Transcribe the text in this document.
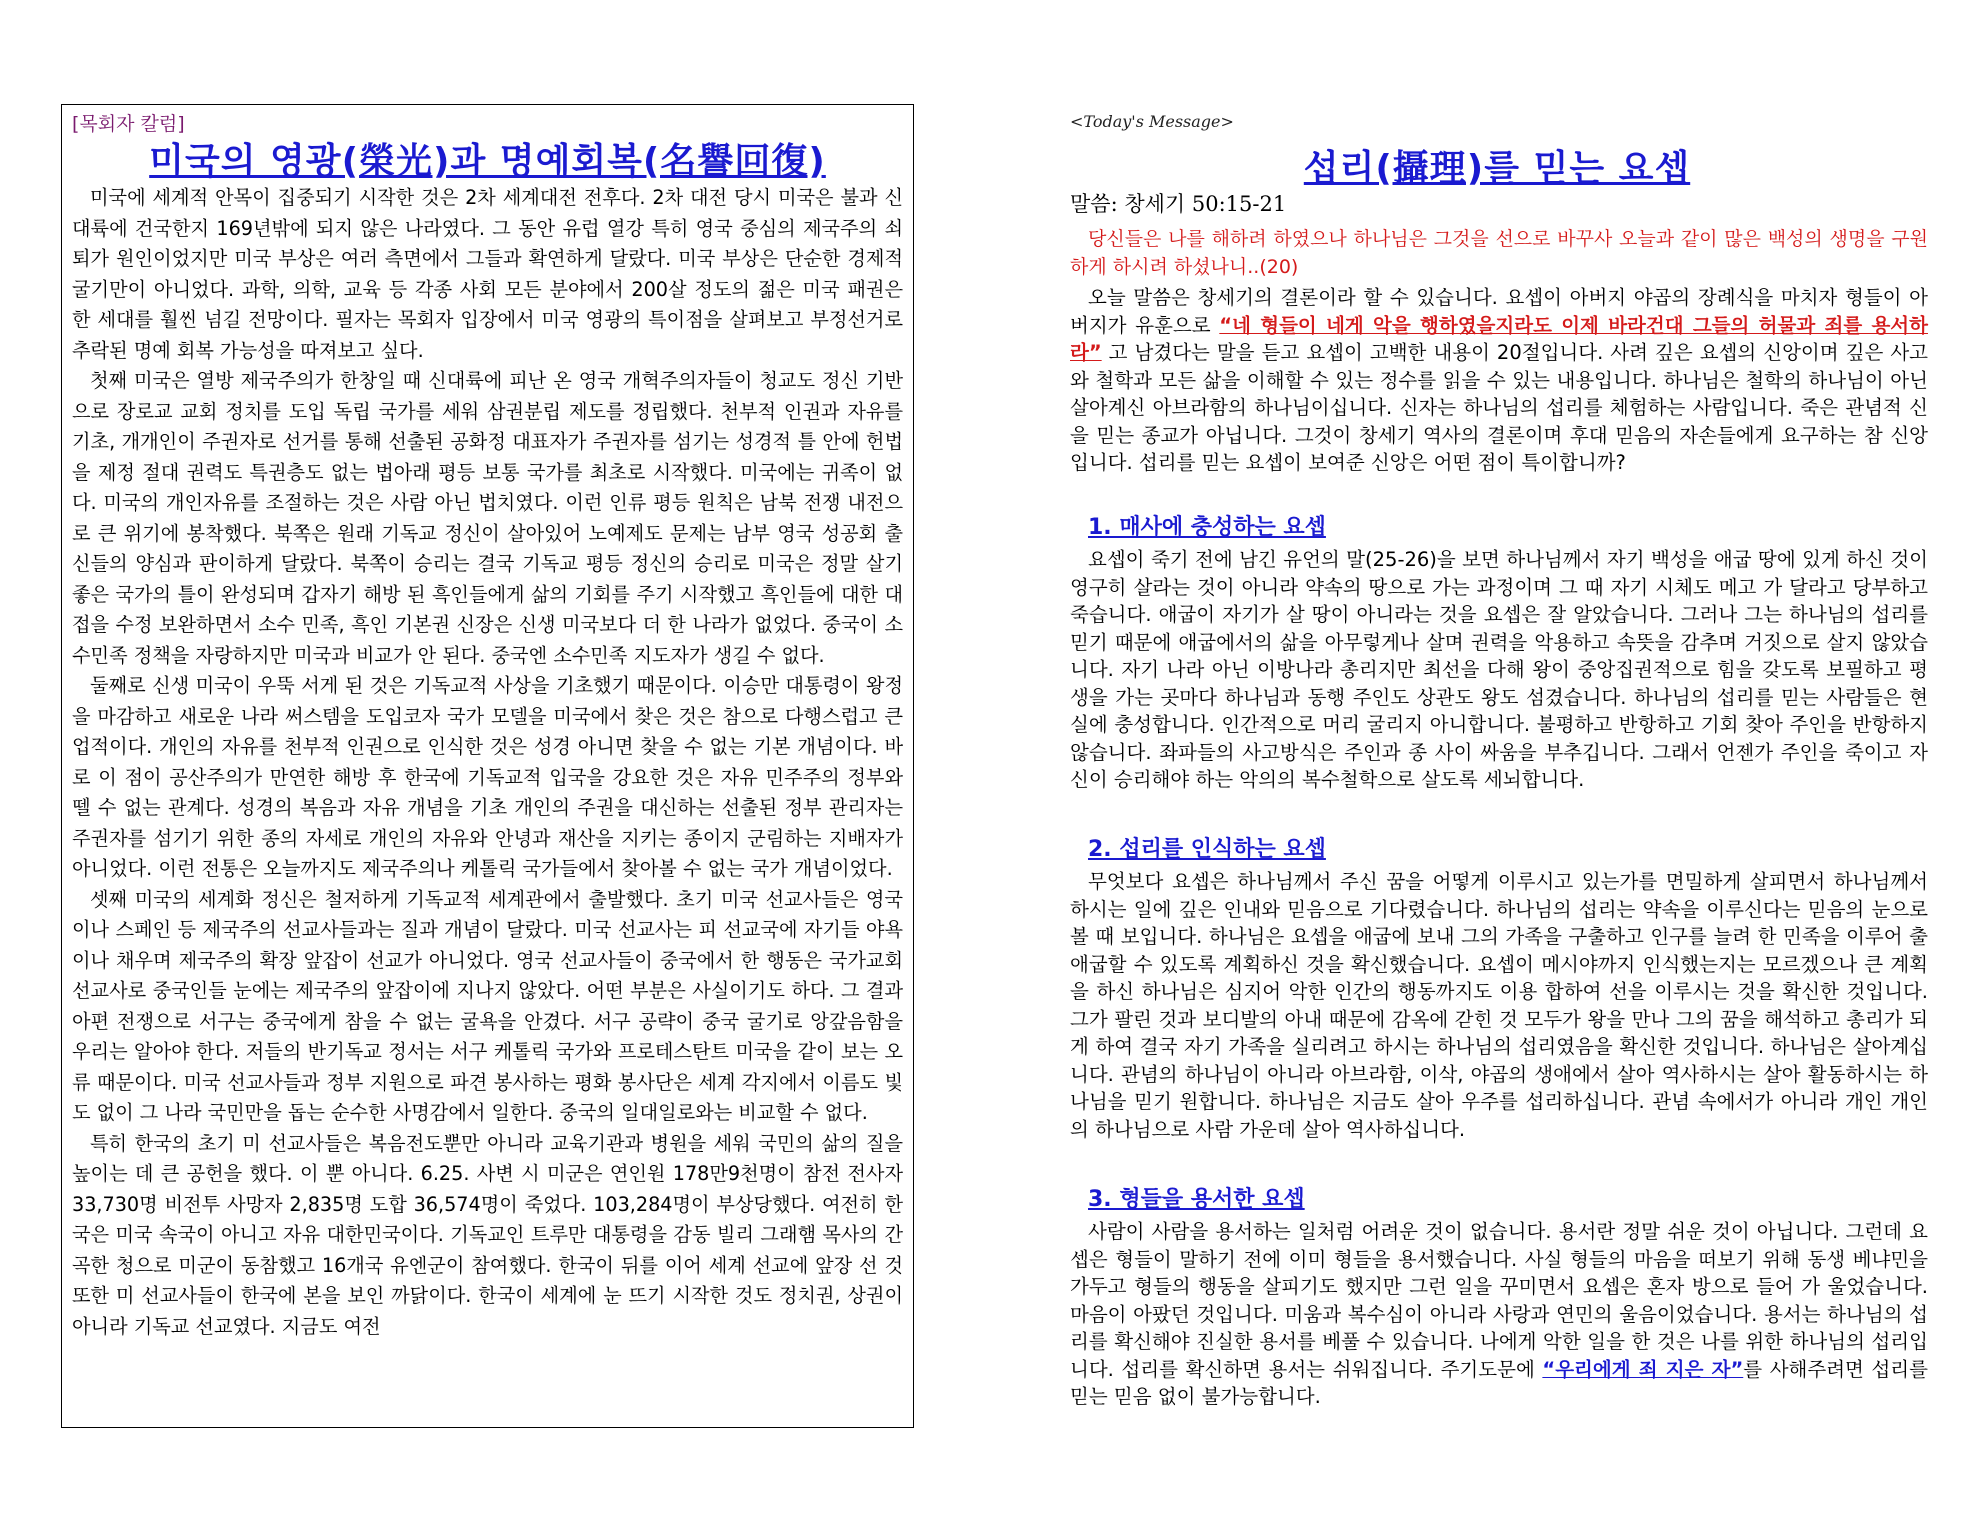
[목회자 칼럼]
미국의 영광(榮光)과 명예회복(名譽回復)

미국에 세계적 안목이 집중되기 시작한 것은 2차 세계대전 전후다. 2차 대전 당시 미국은 불과 신대륙에 건국한지 169년밖에 되지 않은 나라였다. 그 동안 유럽 열강 특히 영국 중심의 제국주의 쇠퇴가 원인이었지만 미국 부상은 여러 측면에서 그들과 확연하게 달랐다. 미국 부상은 단순한 경제적 굴기만이 아니었다. 과학, 의학, 교육 등 각종 사회 모든 분야에서 200살 정도의 젊은 미국 패권은 한 세대를 훨씬 넘길 전망이다. 필자는 목회자 입장에서 미국 영광의 특이점을 살펴보고 부정선거로 추락된 명예 회복 가능성을 따져보고 싶다.

첫째 미국은 열방 제국주의가 한창일 때 신대륙에 피난 온 영국 개혁주의자들이 청교도 정신 기반으로 장로교 교회 정치를 도입 독립 국가를 세워 삼권분립 제도를 정립했다. 천부적 인권과 자유를 기초, 개개인이 주권자로 선거를 통해 선출된 공화정 대표자가 주권자를 섬기는 성경적 틀 안에 헌법을 제정 절대 권력도 특권층도 없는 법아래 평등 보통 국가를 최초로 시작했다. 미국에는 귀족이 없다. 미국의 개인자유를 조절하는 것은 사람 아닌 법치였다. 이런 인류 평등 원칙은 남북 전쟁 내전으로 큰 위기에 봉착했다. 북쪽은 원래 기독교 정신이 살아있어 노예제도 문제는 남부 영국 성공회 출신들의 양심과 판이하게 달랐다. 북쪽이 승리는 결국 기독교 평등 정신의 승리로 미국은 정말 살기 좋은 국가의 틀이 완성되며 갑자기 해방 된 흑인들에게 삶의 기회를 주기 시작했고 흑인들에 대한 대접을 수정 보완하면서 소수 민족, 흑인 기본권 신장은 신생 미국보다 더 한 나라가 없었다. 중국이 소수민족 정책을 자랑하지만 미국과 비교가 안 된다. 중국엔 소수민족 지도자가 생길 수 없다.

둘째로 신생 미국이 우뚝 서게 된 것은 기독교적 사상을 기초했기 때문이다. 이승만 대통령이 왕정을 마감하고 새로운 나라 써스템을 도입코자 국가 모델을 미국에서 찾은 것은 참으로 다행스럽고 큰 업적이다. 개인의 자유를 천부적 인권으로 인식한 것은 성경 아니면 찾을 수 없는 기본 개념이다. 바로 이 점이 공산주의가 만연한 해방 후 한국에 기독교적 입국을 강요한 것은 자유 민주주의 정부와 뗄 수 없는 관계다. 성경의 복음과 자유 개념을 기초 개인의 주권을 대신하는 선출된 정부 관리자는 주권자를 섬기기 위한 종의 자세로 개인의 자유와 안녕과 재산을 지키는 종이지 군림하는 지배자가 아니었다. 이런 전통은 오늘까지도 제국주의나 케톨릭 국가들에서 찾아볼 수 없는 국가 개념이었다.

셋째 미국의 세계화 정신은 철저하게 기독교적 세계관에서 출발했다. 초기 미국 선교사들은 영국이나 스페인 등 제국주의 선교사들과는 질과 개념이 달랐다. 미국 선교사는 피 선교국에 자기들 야욕이나 채우며 제국주의 확장 앞잡이 선교가 아니었다. 영국 선교사들이 중국에서 한 행동은 국가교회 선교사로 중국인들 눈에는 제국주의 앞잡이에 지나지 않았다. 어떤 부분은 사실이기도 하다. 그 결과 아편 전쟁으로 서구는 중국에게 참을 수 없는 굴욕을 안겼다. 서구 공략이 중국 굴기로 앙갚음함을 우리는 알아야 한다. 저들의 반기독교 정서는 서구 케톨릭 국가와 프로테스탄트 미국을 같이 보는 오류 때문이다. 미국 선교사들과 정부 지원으로 파견 봉사하는 평화 봉사단은 세계 각지에서 이름도 빛도 없이 그 나라 국민만을 돕는 순수한 사명감에서 일한다. 중국의 일대일로와는 비교할 수 없다.

특히 한국의 초기 미 선교사들은 복음전도뿐만 아니라 교육기관과 병원을 세워 국민의 삶의 질을 높이는 데 큰 공헌을 했다. 이 뿐 아니다. 6.25. 사변 시 미군은 연인원 178만9천명이 참전 전사자 33,730명 비전투 사망자 2,835명 도합 36,574명이 죽었다. 103,284명이 부상당했다. 여전히 한국은 미국 속국이 아니고 자유 대한민국이다. 기독교인 트루만 대통령을 감동 빌리 그래햄 목사의 간곡한 청으로 미군이 동참했고 16개국 유엔군이 참여했다. 한국이 뒤를 이어 세계 선교에 앞장 선 것 또한 미 선교사들이 한국에 본을 보인 까닭이다. 한국이 세계에 눈 뜨기 시작한 것도 정치권, 상권이 아니라 기독교 선교였다. 지금도 여전

<Today's Message>
섭리(攝理)를 믿는 요셉
말씀: 창세기 50:15-21

당신들은 나를 해하려 하였으나 하나님은 그것을 선으로 바꾸사 오늘과 같이 많은 백성의 생명을 구원하게 하시려 하셨나니..(20)

오늘 말씀은 창세기의 결론이라 할 수 있습니다. 요셉이 아버지 야곱의 장례식을 마치자 형들이 아버지가 유훈으로 “네 형들이 네게 악을 행하였을지라도 이제 바라건대 그들의 허물과 죄를 용서하라” 고 남겼다는 말을 듣고 요셉이 고백한 내용이 20절입니다. 사려 깊은 요셉의 신앙이며 깊은 사고와 철학과 모든 삶을 이해할 수 있는 정수를 읽을 수 있는 내용입니다. 하나님은 철학의 하나님이 아닌 살아계신 아브라함의 하나님이십니다. 신자는 하나님의 섭리를 체험하는 사람입니다. 죽은 관념적 신을 믿는 종교가 아닙니다. 그것이 창세기 역사의 결론이며 후대 믿음의 자손들에게 요구하는 참 신앙입니다. 섭리를 믿는 요셉이 보여준 신앙은 어떤 점이 특이합니까?

1. 매사에 충성하는 요셉

요셉이 죽기 전에 남긴 유언의 말(25-26)을 보면 하나님께서 자기 백성을 애굽 땅에 있게 하신 것이 영구히 살라는 것이 아니라 약속의 땅으로 가는 과정이며 그 때 자기 시체도 메고 가 달라고 당부하고 죽습니다. 애굽이 자기가 살 땅이 아니라는 것을 요셉은 잘 알았습니다. 그러나 그는 하나님의 섭리를 믿기 때문에 애굽에서의 삶을 아무렇게나 살며 권력을 악용하고 속뜻을 감추며 거짓으로 살지 않았습니다. 자기 나라 아닌 이방나라 총리지만 최선을 다해 왕이 중앙집권적으로 힘을 갖도록 보필하고 평생을 가는 곳마다 하나님과 동행 주인도 상관도 왕도 섬겼습니다. 하나님의 섭리를 믿는 사람들은 현실에 충성합니다. 인간적으로 머리 굴리지 아니합니다. 불평하고 반항하고 기회 찾아 주인을 반항하지 않습니다. 좌파들의 사고방식은 주인과 종 사이 싸움을 부추깁니다. 그래서 언젠가 주인을 죽이고 자신이 승리해야 하는 악의의 복수철학으로 살도록 세뇌합니다.

2. 섭리를 인식하는 요셉

무엇보다 요셉은 하나님께서 주신 꿈을 어떻게 이루시고 있는가를 면밀하게 살피면서 하나님께서 하시는 일에 깊은 인내와 믿음으로 기다렸습니다. 하나님의 섭리는 약속을 이루신다는 믿음의 눈으로 볼 때 보입니다. 하나님은 요셉을 애굽에 보내 그의 가족을 구출하고 인구를 늘려 한 민족을 이루어 출애굽할 수 있도록 계획하신 것을 확신했습니다. 요셉이 메시야까지 인식했는지는 모르겠으나 큰 계획을 하신 하나님은 심지어 악한 인간의 행동까지도 이용 합하여 선을 이루시는 것을 확신한 것입니다. 그가 팔린 것과 보디발의 아내 때문에 감옥에 갇힌 것 모두가 왕을 만나 그의 꿈을 해석하고 총리가 되게 하여 결국 자기 가족을 실리려고 하시는 하나님의 섭리였음을 확신한 것입니다. 하나님은 살아계십니다. 관념의 하나님이 아니라 아브라함, 이삭, 야곱의 생애에서 살아 역사하시는 살아 활동하시는 하나님을 믿기 원합니다. 하나님은 지금도 살아 우주를 섭리하십니다. 관념 속에서가 아니라 개인 개인의 하나님으로 사람 가운데 살아 역사하십니다.

3. 형들을 용서한 요셉

사람이 사람을 용서하는 일처럼 어려운 것이 없습니다. 용서란 정말 쉬운 것이 아닙니다. 그런데 요셉은 형들이 말하기 전에 이미 형들을 용서했습니다. 사실 형들의 마음을 떠보기 위해 동생 베냐민을 가두고 형들의 행동을 살피기도 했지만 그런 일을 꾸미면서 요셉은 혼자 방으로 들어 가 울었습니다. 마음이 아팠던 것입니다. 미움과 복수심이 아니라 사랑과 연민의 울음이었습니다. 용서는 하나님의 섭리를 확신해야 진실한 용서를 베풀 수 있습니다. 나에게 악한 일을 한 것은 나를 위한 하나님의 섭리입니다. 섭리를 확신하면 용서는 쉬워집니다. 주기도문에 “우리에게 죄 지은 자”를 사해주려면 섭리를 믿는 믿음 없이 불가능합니다.
